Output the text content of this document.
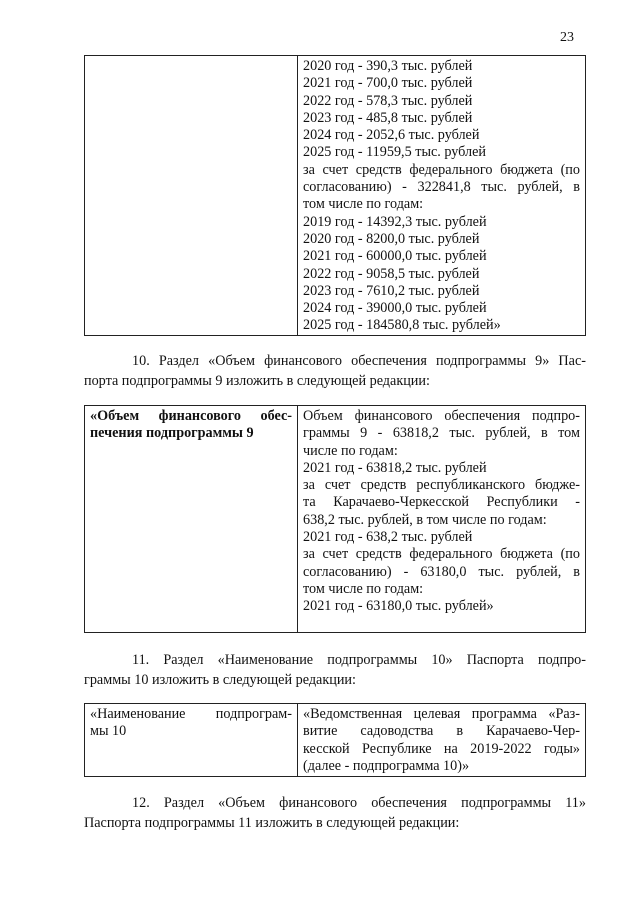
23

2020 год - 390,3 тыс. рублей
2021 год - 700,0 тыс. рублей
2022 год - 578,3 тыс. рублей
2023 год - 485,8 тыс. рублей
2024 год - 2052,6 тыс. рублей
2025 год - 11959,5 тыс. рублей
за счет средств федерального бюджета (по
согласованию) - 322841,8 тыс. рублей, в
том числе по годам:
2019 год - 14392,3 тыс. рублей
2020 год - 8200,0 тыс. рублей
2021 год - 60000,0 тыс. рублей
2022 год - 9058,5 тыс. рублей
2023 год - 7610,2 тыс. рублей
2024 год - 39000,0 тыс. рублей
2025 год - 184580,8 тыс. рублей»

10. Раздел «Объем финансового обеспечения подпрограммы 9» Пас-
порта подпрограммы 9 изложить в следующей редакции:

«Объем финансового обес-
печения подпрограммы 9

Объем финансового обеспечения подпро-
граммы 9 - 63818,2 тыс. рублей, в том
числе по годам:
2021 год - 63818,2 тыс. рублей
за счет средств республиканского бюдже-
та Карачаево-Черкесской Республики -
638,2 тыс. рублей, в том числе по годам:
2021 год - 638,2 тыс. рублей
за счет средств федерального бюджета (по
согласованию) - 63180,0 тыс. рублей, в
том числе по годам:
2021 год - 63180,0 тыс. рублей»

11. Раздел «Наименование подпрограммы 10» Паспорта подпро-
граммы 10 изложить в следующей редакции:

«Наименование подпрограм-
мы 10

«Ведомственная целевая программа «Раз-
витие садоводства в Карачаево-Чер-
кесской Республике на 2019-2022 годы»
(далее - подпрограмма 10)»

12. Раздел «Объем финансового обеспечения подпрограммы 11»
Паспорта подпрограммы 11 изложить в следующей редакции:
